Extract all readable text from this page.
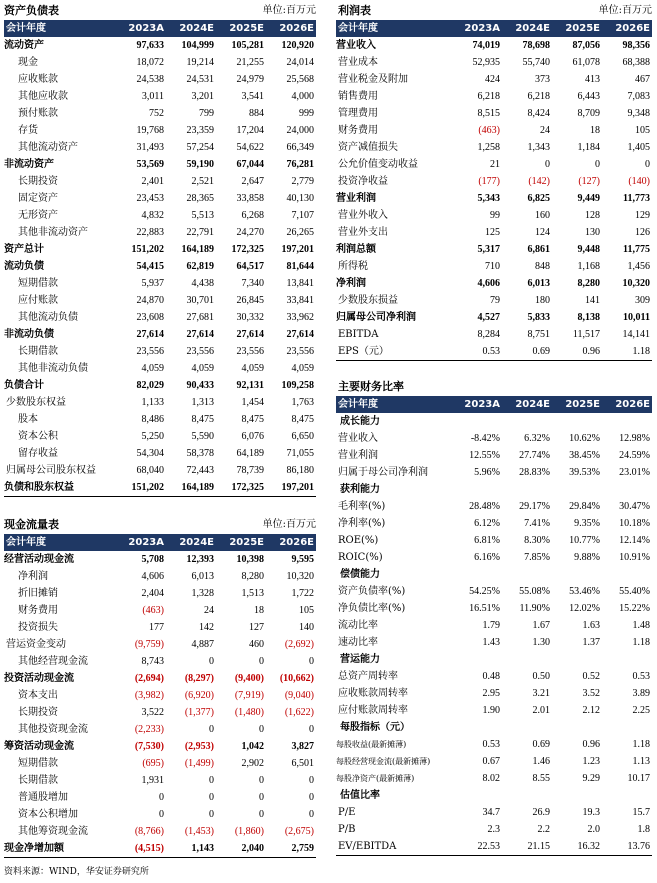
资产负债表	单位:百万元
会计年度	2023A	2024E	2025E	2026E
流动资产	97,633	104,999	105,281	120,920
现金	18,072	19,214	21,255	24,014
应收账款	24,538	24,531	24,979	25,568
其他应收款	3,011	3,201	3,541	4,000
预付账款	752	799	884	999
存货	19,768	23,359	17,204	24,000
其他流动资产	31,493	57,254	54,622	66,349
非流动资产	53,569	59,190	67,044	76,281
长期投资	2,401	2,521	2,647	2,779
固定资产	23,453	28,365	33,858	40,130
无形资产	4,832	5,513	6,268	7,107
其他非流动资产	22,883	22,791	24,270	26,265
资产总计	151,202	164,189	172,325	197,201
流动负债	54,415	62,819	64,517	81,644
短期借款	5,937	4,438	7,340	13,841
应付账款	24,870	30,701	26,845	33,841
其他流动负债	23,608	27,681	30,332	33,962
非流动负债	27,614	27,614	27,614	27,614
长期借款	23,556	23,556	23,556	23,556
其他非流动负债	4,059	4,059	4,059	4,059
负债合计	82,029	90,433	92,131	109,258
少数股东权益	1,133	1,313	1,454	1,763
股本	8,486	8,475	8,475	8,475
资本公积	5,250	5,590	6,076	6,650
留存收益	54,304	58,378	64,189	71,055
归属母公司股东权益	68,040	72,443	78,739	86,180
负债和股东权益	151,202	164,189	172,325	197,201
利润表	单位:百万元
会计年度	2023A	2024E	2025E	2026E
营业收入	74,019	78,698	87,056	98,356
营业成本	52,935	55,740	61,078	68,388
营业税金及附加	424	373	413	467
销售费用	6,218	6,218	6,443	7,083
管理费用	8,515	8,424	8,709	9,348
财务费用	(463)	24	18	105
资产减值损失	1,258	1,343	1,184	1,405
公允价值变动收益	21	0	0	0
投资净收益	(177)	(142)	(127)	(140)
营业利润	5,343	6,825	9,449	11,773
营业外收入	99	160	128	129
营业外支出	125	124	130	126
利润总额	5,317	6,861	9,448	11,775
所得税	710	848	1,168	1,456
净利润	4,606	6,013	8,280	10,320
少数股东损益	79	180	141	309
归属母公司净利润	4,527	5,833	8,138	10,011
EBITDA	8,284	8,751	11,517	14,141
EPS（元）	0.53	0.69	0.96	1.18
主要财务比率
会计年度	2023A	2024E	2025E	2026E
成长能力				
营业收入	-8.42%	6.32%	10.62%	12.98%
营业利润	12.55%	27.74%	38.45%	24.59%
归属于母公司净利润	5.96%	28.83%	39.53%	23.01%
获利能力				
毛利率(%)	28.48%	29.17%	29.84%	30.47%
净利率(%)	6.12%	7.41%	9.35%	10.18%
ROE(%)	6.81%	8.30%	10.77%	12.14%
ROIC(%)	6.16%	7.85%	9.88%	10.91%
偿债能力				
资产负债率(%)	54.25%	55.08%	53.46%	55.40%
净负债比率(%)	16.51%	11.90%	12.02%	15.22%
流动比率	1.79	1.67	1.63	1.48
速动比率	1.43	1.30	1.37	1.18
营运能力				
总资产周转率	0.48	0.50	0.52	0.53
应收账款周转率	2.95	3.21	3.52	3.89
应付账款周转率	1.90	2.01	2.12	2.25
每股指标（元）				
每股收益(最新摊薄)	0.53	0.69	0.96	1.18
每股经营现金流(最新摊薄)	0.67	1.46	1.23	1.13
每股净资产(最新摊薄)	8.02	8.55	9.29	10.17
估值比率				
P/E	34.7	26.9	19.3	15.7
P/B	2.3	2.2	2.0	1.8
EV/EBITDA	22.53	21.15	16.32	13.76
现金流量表	单位:百万元
会计年度	2023A	2024E	2025E	2026E
经营活动现金流	5,708	12,393	10,398	9,595
净利润	4,606	6,013	8,280	10,320
折旧摊销	2,404	1,328	1,513	1,722
财务费用	(463)	24	18	105
投资损失	177	142	127	140
营运资金变动	(9,759)	4,887	460	(2,692)
其他经营现金流	8,743	0	0	0
投资活动现金流	(2,694)	(8,297)	(9,400)	(10,662)
资本支出	(3,982)	(6,920)	(7,919)	(9,040)
长期投资	3,522	(1,377)	(1,480)	(1,622)
其他投资现金流	(2,233)	0	0	0
筹资活动现金流	(7,530)	(2,953)	1,042	3,827
短期借款	(695)	(1,499)	2,902	6,501
长期借款	1,931	0	0	0
普通股增加	0	0	0	0
资本公积增加	0	0	0	0
其他筹资现金流	(8,766)	(1,453)	(1,860)	(2,675)
现金净增加额	(4,515)	1,143	2,040	2,759
资料来源：WIND，华安证券研究所
